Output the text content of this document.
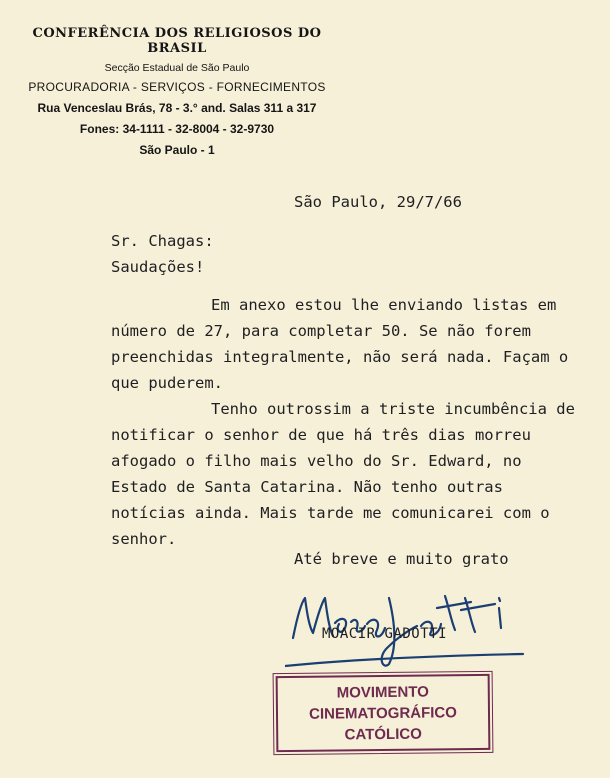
CONFERÊNCIA DOS RELIGIOSOS DO BRASIL
Secção Estadual de São Paulo
PROCURADORIA - SERVIÇOS - FORNECIMENTOS
Rua Venceslau Brás, 78 - 3.° and. Salas 311 a 317
Fones: 34-1111 - 32-8004 - 32-9730
São Paulo - 1
São Paulo, 29/7/66
Sr. Chagas:
Saudações!
Em anexo estou lhe enviando listas em número de 27, para completar 50. Se não forem preenchidas integralmente, não será nada. Façam o que puderem.
Tenho outrossim a triste incumbência de notificar o senhor de que há três dias morreu afogado o filho mais velho do Sr. Edward, no Estado de Santa Catarina. Não tenho outras notícias ainda. Mais tarde me comunicarei com o senhor.
Até breve e muito grato
MOACIR GADOTTI
MOVIMENTO
CINEMATOGRÁFICO
CATÓLICO
